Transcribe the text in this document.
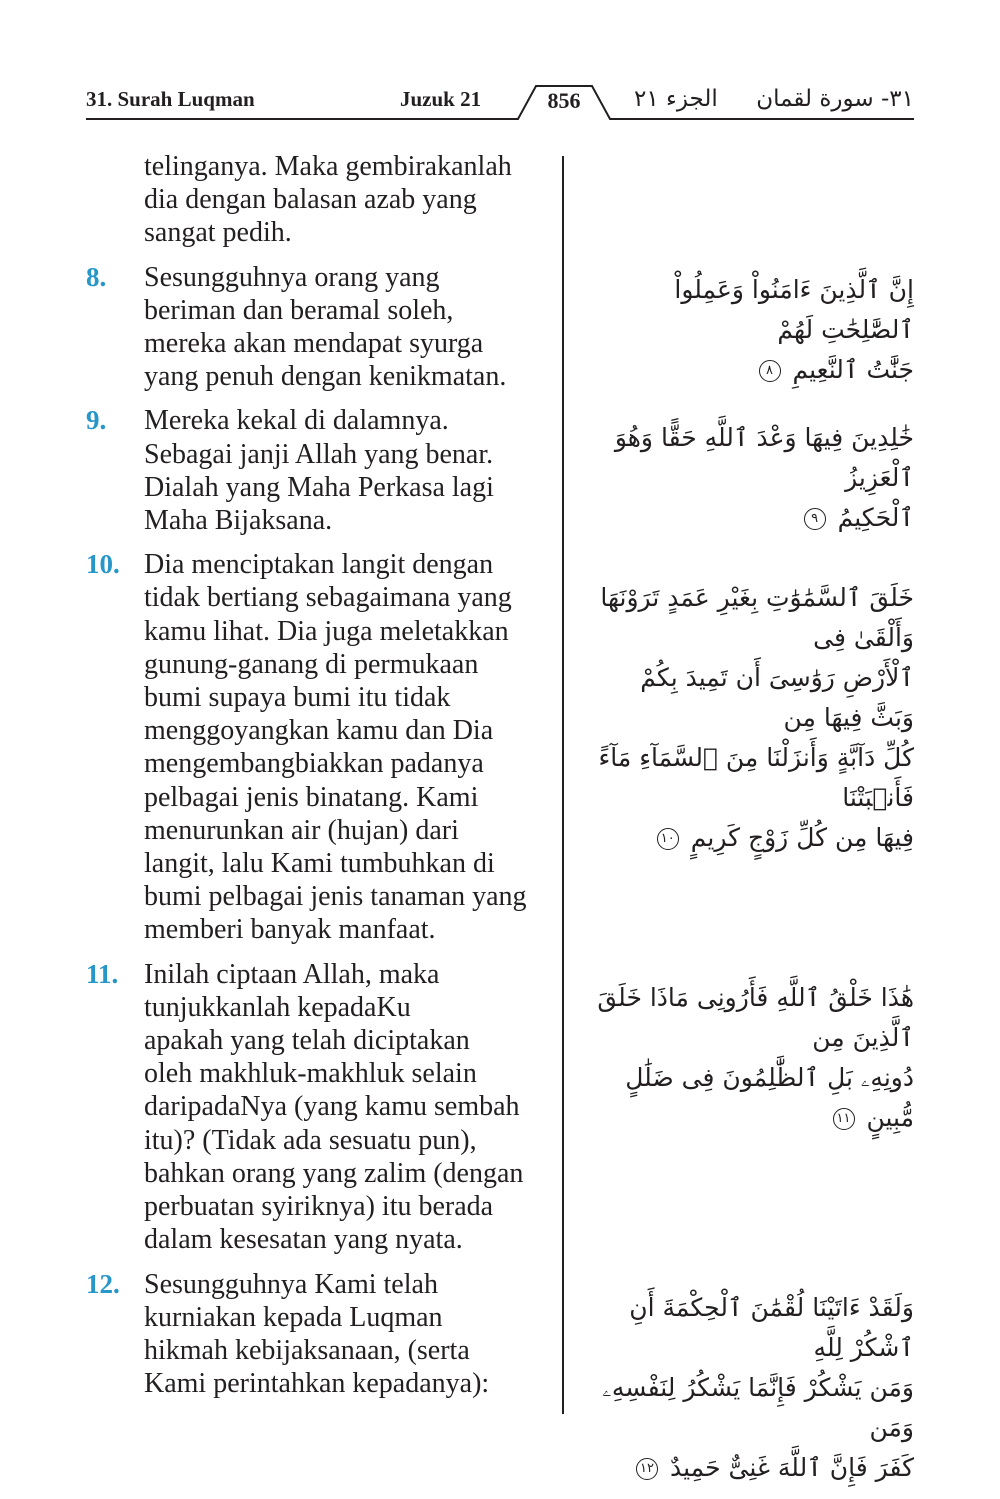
31. Surah Luqman	Juzuk 21	856	الجزء ٢١ ٣١- سورة لقمان
telinganya. Maka gembirakanlah
dia dengan balasan azab yang
sangat pedih.
8.	Sesungguhnya orang yang
beriman dan beramal soleh,
mereka akan mendapat syurga
yang penuh dengan kenikmatan.
9.	Mereka kekal di dalamnya.
Sebagai janji Allah yang benar.
Dialah yang Maha Perkasa lagi
Maha Bijaksana.
10. Dia menciptakan langit dengan
tidak bertiang sebagaimana yang
kamu lihat. Dia juga meletakkan
gunung-ganang di permukaan
bumi supaya bumi itu tidak
menggoyangkan kamu dan Dia
mengembangbiakkan padanya
pelbagai jenis binatang. Kami
menurunkan air (hujan) dari
langit, lalu Kami tumbuhkan di
bumi pelbagai jenis tanaman yang
memberi banyak manfaat.
11. Inilah ciptaan Allah, maka
tunjukkanlah kepadaKu
apakah yang telah diciptakan
oleh makhluk-makhluk selain
daripadaNya (yang kamu sembah
itu)? (Tidak ada sesuatu pun),
bahkan orang yang zalim (dengan
perbuatan syiriknya) itu berada
dalam kesesatan yang nyata.
12. Sesungguhnya Kami telah
kurniakan kepada Luqman
hikmah kebijaksanaan, (serta
Kami perintahkan kepadanya):
إِنَّ ٱلَّذِينَ ءَامَنُواْ وَعَمِلُواْ ٱلصَّٰلِحَٰتِ لَهُمْ
جَنَّٰتُ ٱلنَّعِيمِ ٨
خَٰلِدِينَ فِيهَا وَعْدَ ٱللَّهِ حَقًّا وَهُوَ ٱلْعَزِيزُ
ٱلْحَكِيمُ ٩
خَلَقَ ٱلسَّمَٰوَٰتِ بِغَيْرِ عَمَدٍ تَرَوْنَهَا وَأَلْقَىٰ فِى
ٱلْأَرْضِ رَوَٰسِىَ أَن تَمِيدَ بِكُمْ وَبَثَّ فِيهَا مِن
كُلِّ دَآبَّةٍ وَأَنزَلْنَا مِنَ ٱلسَّمَآءِ مَآءً فَأَنۢبَتْنَا
فِيهَا مِن كُلِّ زَوْجٍ كَرِيمٍ ١٠
هَٰذَا خَلْقُ ٱللَّهِ فَأَرُونِى مَاذَا خَلَقَ ٱلَّذِينَ مِن
دُونِهِۦ بَلِ ٱلظَّٰلِمُونَ فِى ضَلَٰلٍ مُّبِينٍ ١١
وَلَقَدْ ءَاتَيْنَا لُقْمَٰنَ ٱلْحِكْمَةَ أَنِ ٱشْكُرْ لِلَّهِ
وَمَن يَشْكُرْ فَإِنَّمَا يَشْكُرُ لِنَفْسِهِۦ وَمَن
كَفَرَ فَإِنَّ ٱللَّهَ غَنِىٌّ حَمِيدٌ ١٢
